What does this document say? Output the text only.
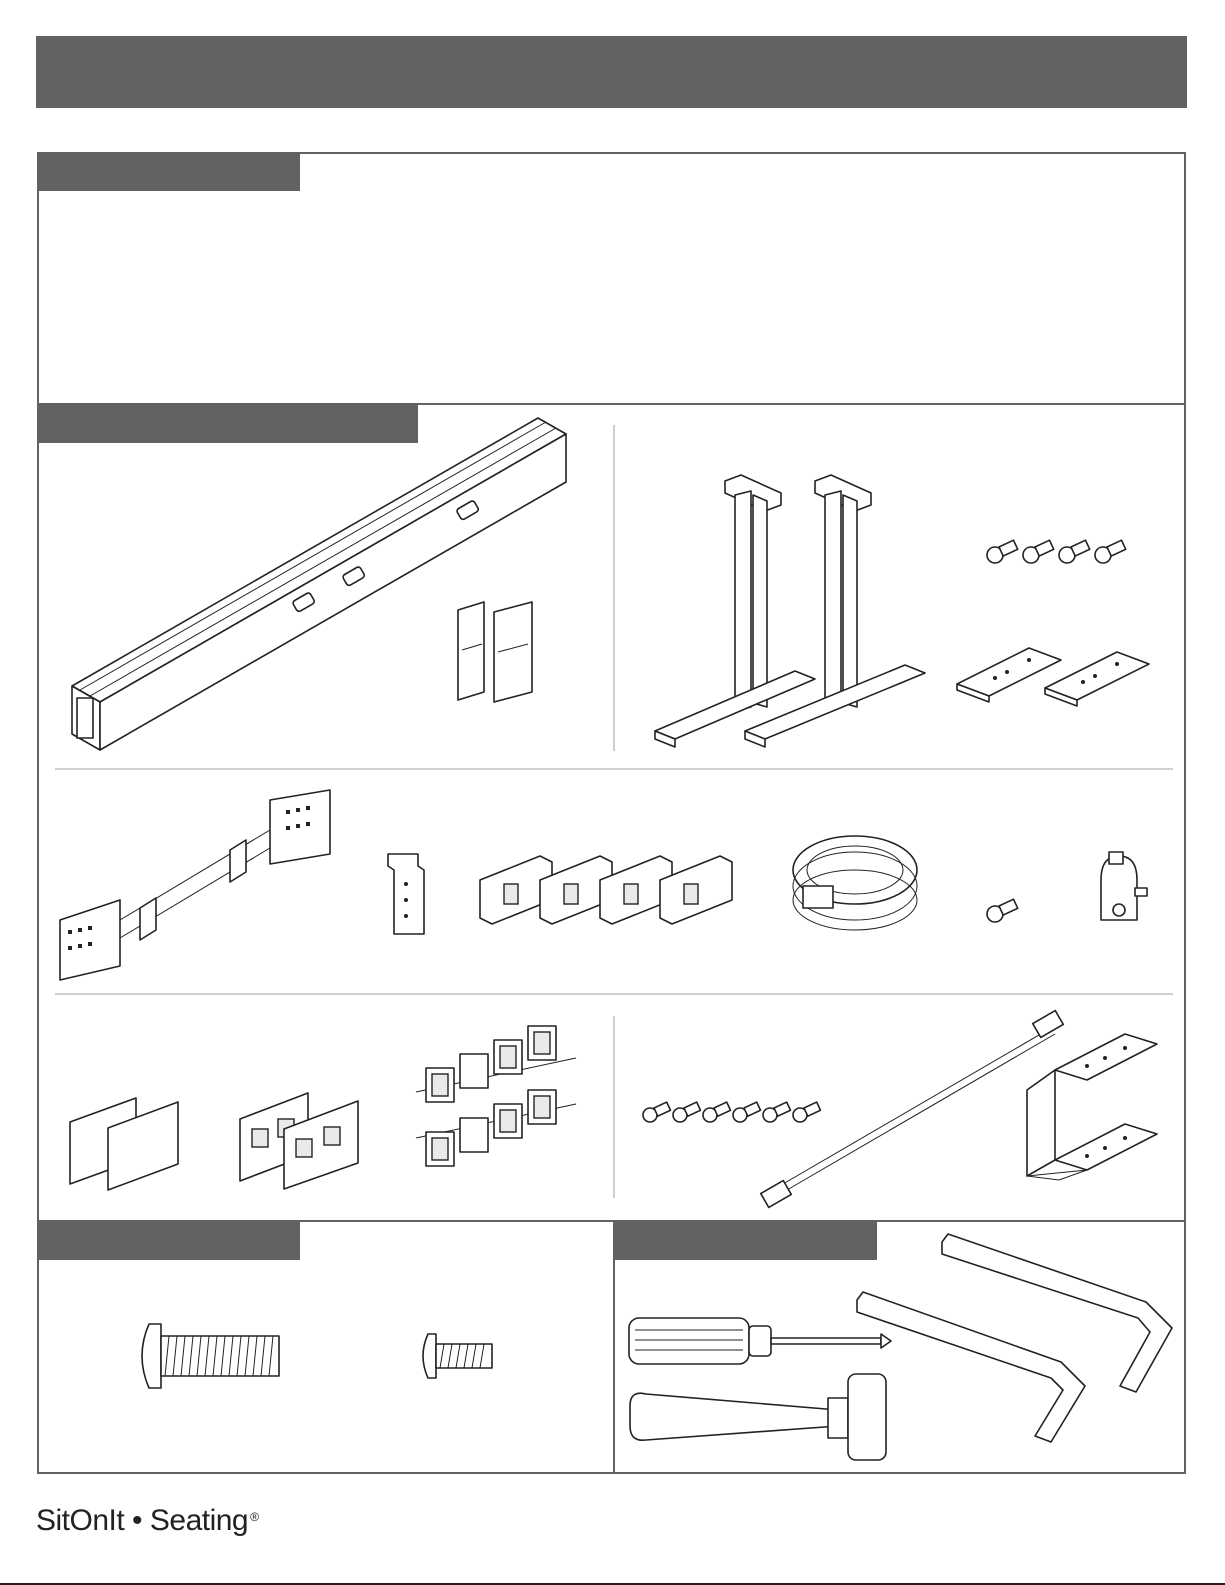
SitOnIt • Seating ®
